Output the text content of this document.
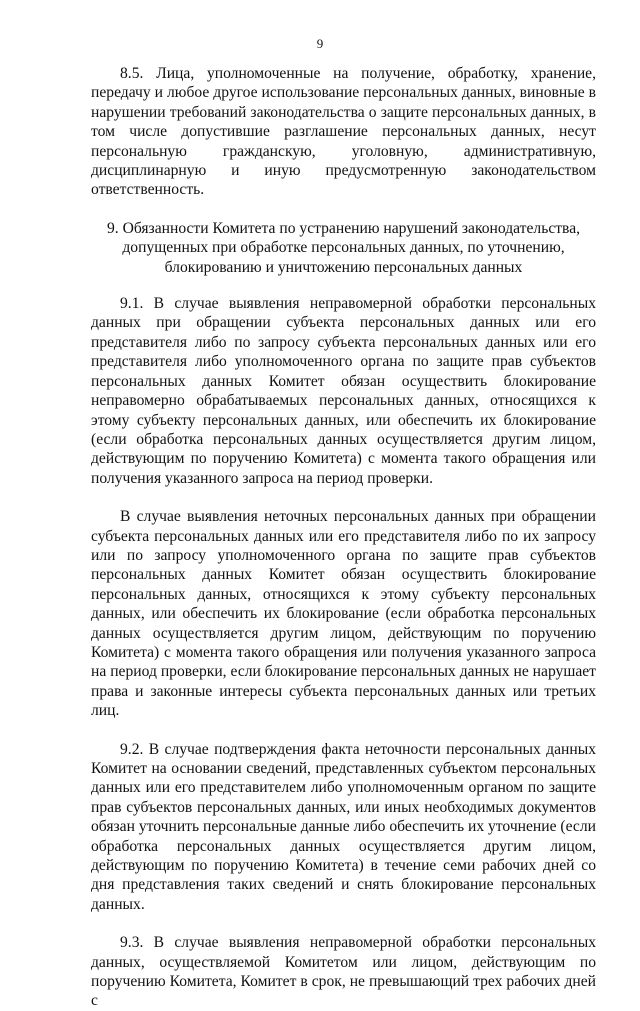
9

8.5. Лица, уполномоченные на получение, обработку, хранение, передачу и любое другое использование персональных данных, виновные в нарушении требований законодательства о защите персональных данных, в том числе допустившие разглашение персональных данных, несут персональную гражданскую, уголовную, административную, дисциплинарную и иную предусмотренную законодательством ответственность.

9. Обязанности Комитета по устранению нарушений законодательства, допущенных при обработке персональных данных, по уточнению, блокированию и уничтожению персональных данных

9.1. В случае выявления неправомерной обработки персональных данных при обращении субъекта персональных данных или его представителя либо по запросу субъекта персональных данных или его представителя либо уполномоченного органа по защите прав субъектов персональных данных Комитет обязан осуществить блокирование неправомерно обрабатываемых персональных данных, относящихся к этому субъекту персональных данных, или обеспечить их блокирование (если обработка персональных данных осуществляется другим лицом, действующим по поручению Комитета) с момента такого обращения или получения указанного запроса на период проверки.

В случае выявления неточных персональных данных при обращении субъекта персональных данных или его представителя либо по их запросу или по запросу уполномоченного органа по защите прав субъектов персональных данных Комитет обязан осуществить блокирование персональных данных, относящихся к этому субъекту персональных данных, или обеспечить их блокирование (если обработка персональных данных осуществляется другим лицом, действующим по поручению Комитета) с момента такого обращения или получения указанного запроса на период проверки, если блокирование персональных данных не нарушает права и законные интересы субъекта персональных данных или третьих лиц.

9.2. В случае подтверждения факта неточности персональных данных Комитет на основании сведений, представленных субъектом персональных данных или его представителем либо уполномоченным органом по защите прав субъектов персональных данных, или иных необходимых документов обязан уточнить персональные данные либо обеспечить их уточнение (если обработка персональных данных осуществляется другим лицом, действующим по поручению Комитета) в течение семи рабочих дней со дня представления таких сведений и снять блокирование персональных данных.

9.3. В случае выявления неправомерной обработки персональных данных, осуществляемой Комитетом или лицом, действующим по поручению Комитета, Комитет в срок, не превышающий трех рабочих дней с
